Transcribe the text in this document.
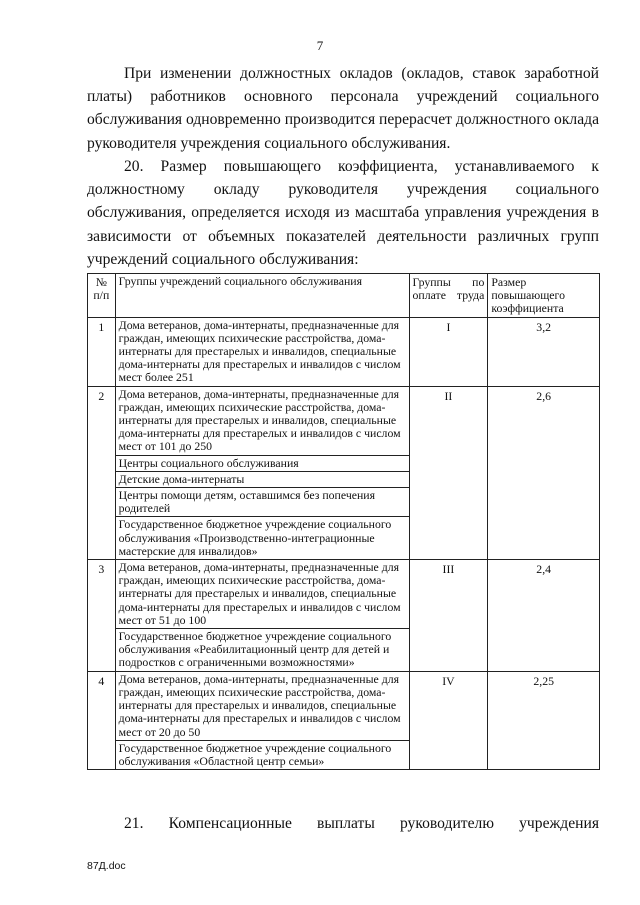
7

При изменении должностных окладов (окладов, ставок заработной платы) работников основного персонала учреждений социального обслуживания одновременно производится перерасчет должностного оклада руководителя учреждения социального обслуживания.

20. Размер повышающего коэффициента, устанавливаемого к должностному окладу руководителя учреждения социального обслуживания, определяется исходя из масштаба управления учреждения в зависимости от объемных показателей деятельности различных групп учреждений социального обслуживания:

№ п/п	Группы учреждений социального обслуживания	Группы по оплате труда	Размер повышающего коэффициента
1	Дома ветеранов, дома-интернаты, предназначенные для граждан, имеющих психические расстройства, дома-интернаты для престарелых и инвалидов, специальные дома-интернаты для престарелых и инвалидов с числом мест более 251	I	3,2
2	Дома ветеранов, дома-интернаты, предназначенные для граждан, имеющих психические расстройства, дома-интернаты для престарелых и инвалидов, специальные дома-интернаты для престарелых и инвалидов с числом мест от 101 до 250	II	2,6
	Центры социального обслуживания		
	Детские дома-интернаты		
	Центры помощи детям, оставшимся без попечения родителей		
	Государственное бюджетное учреждение социального обслуживания «Производственно-интеграционные мастерские для инвалидов»		
3	Дома ветеранов, дома-интернаты, предназначенные для граждан, имеющих психические расстройства, дома-интернаты для престарелых и инвалидов, специальные дома-интернаты для престарелых и инвалидов с числом мест от 51 до 100	III	2,4
	Государственное бюджетное учреждение социального обслуживания «Реабилитационный центр для детей и подростков с ограниченными возможностями»		
4	Дома ветеранов, дома-интернаты, предназначенные для граждан, имеющих психические расстройства, дома-интернаты для престарелых и инвалидов, специальные дома-интернаты для престарелых и инвалидов с числом мест от 20 до 50	IV	2,25
	Государственное бюджетное учреждение социального обслуживания «Областной центр семьи»		

21. Компенсационные выплаты руководителю учреждения

87Д.doc
